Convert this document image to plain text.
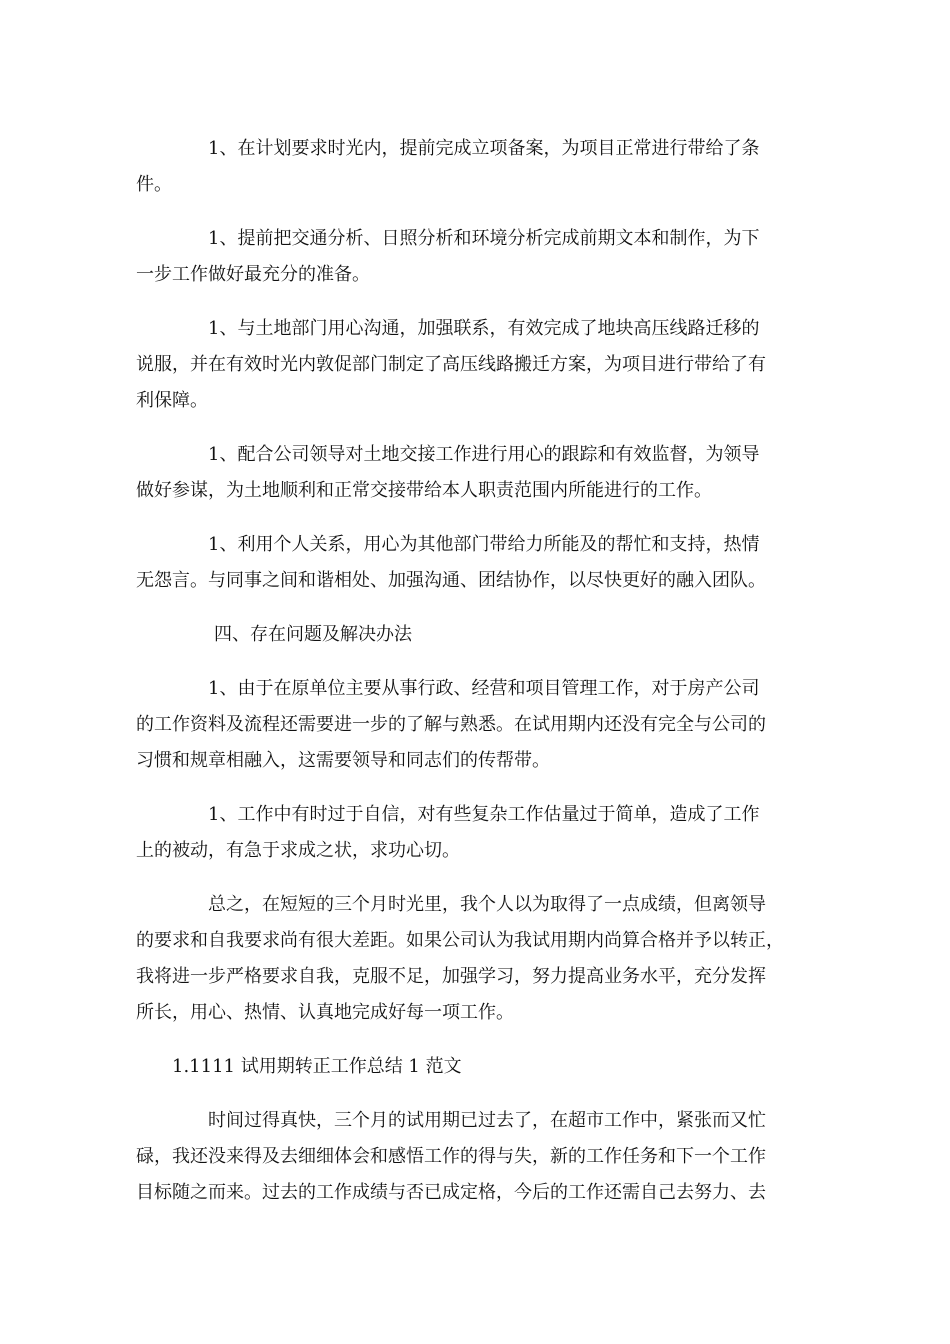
1、在计划要求时光内，提前完成立项备案，为项目正常进行带给了条
件。
1、提前把交通分析、日照分析和环境分析完成前期文本和制作，为下
一步工作做好最充分的准备。
1、与土地部门用心沟通，加强联系，有效完成了地块高压线路迁移的
说服，并在有效时光内敦促部门制定了高压线路搬迁方案，为项目进行带给了有
利保障。
1、配合公司领导对土地交接工作进行用心的跟踪和有效监督，为领导
做好参谋，为土地顺利和正常交接带给本人职责范围内所能进行的工作。
1、利用个人关系，用心为其他部门带给力所能及的帮忙和支持，热情
无怨言。与同事之间和谐相处、加强沟通、团结协作，以尽快更好的融入团队。
四、存在问题及解决办法
1、由于在原单位主要从事行政、经营和项目管理工作，对于房产公司
的工作资料及流程还需要进一步的了解与熟悉。在试用期内还没有完全与公司的
习惯和规章相融入，这需要领导和同志们的传帮带。
1、工作中有时过于自信，对有些复杂工作估量过于简单，造成了工作
上的被动，有急于求成之状，求功心切。
总之，在短短的三个月时光里，我个人以为取得了一点成绩，但离领导
的要求和自我要求尚有很大差距。如果公司认为我试用期内尚算合格并予以转正，
我将进一步严格要求自我，克服不足，加强学习，努力提高业务水平，充分发挥
所长，用心、热情、认真地完成好每一项工作。
1.1111 试用期转正工作总结 1 范文
时间过得真快，三个月的试用期已过去了，在超市工作中，紧张而又忙
碌，我还没来得及去细细体会和感悟工作的得与失，新的工作任务和下一个工作
目标随之而来。过去的工作成绩与否已成定格，今后的工作还需自己去努力、去
